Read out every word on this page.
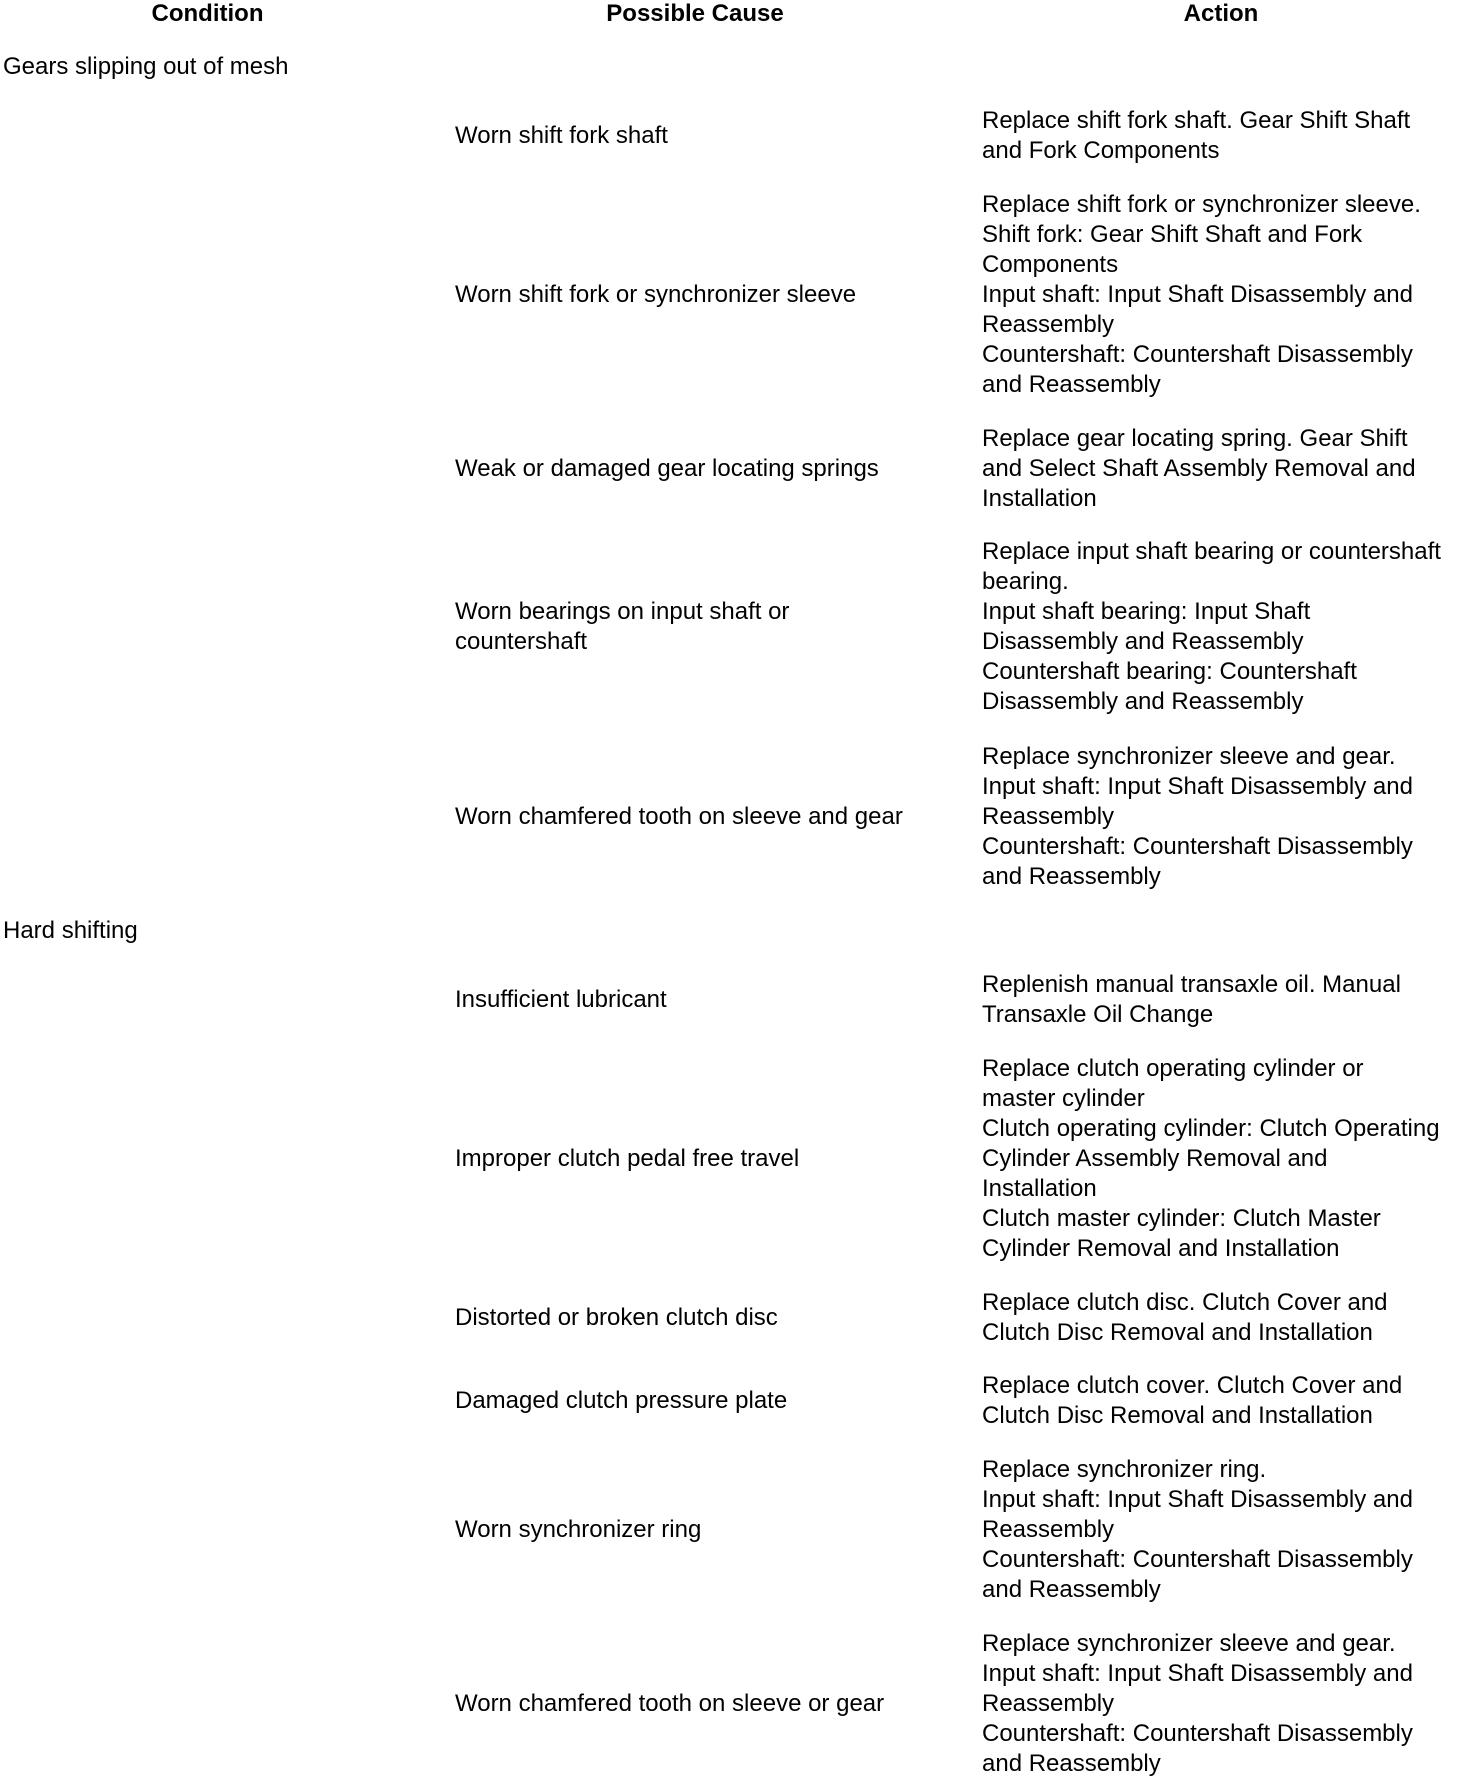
Condition	Possible Cause	Action
Gears slipping out of mesh
Worn shift fork shaft
Replace shift fork shaft. Gear Shift Shaft
and Fork Components
Worn shift fork or synchronizer sleeve
Replace shift fork or synchronizer sleeve.
Shift fork: Gear Shift Shaft and Fork
Components
Input shaft: Input Shaft Disassembly and
Reassembly
Countershaft: Countershaft Disassembly
and Reassembly
Weak or damaged gear locating springs
Replace gear locating spring. Gear Shift
and Select Shaft Assembly Removal and
Installation
Worn bearings on input shaft or
countershaft
Replace input shaft bearing or countershaft
bearing.
Input shaft bearing: Input Shaft
Disassembly and Reassembly
Countershaft bearing: Countershaft
Disassembly and Reassembly
Worn chamfered tooth on sleeve and gear
Replace synchronizer sleeve and gear.
Input shaft: Input Shaft Disassembly and
Reassembly
Countershaft: Countershaft Disassembly
and Reassembly
Hard shifting
Insufficient lubricant
Replenish manual transaxle oil. Manual
Transaxle Oil Change
Improper clutch pedal free travel
Replace clutch operating cylinder or
master cylinder
Clutch operating cylinder: Clutch Operating
Cylinder Assembly Removal and
Installation
Clutch master cylinder: Clutch Master
Cylinder Removal and Installation
Distorted or broken clutch disc
Replace clutch disc. Clutch Cover and
Clutch Disc Removal and Installation
Damaged clutch pressure plate
Replace clutch cover. Clutch Cover and
Clutch Disc Removal and Installation
Worn synchronizer ring
Replace synchronizer ring.
Input shaft: Input Shaft Disassembly and
Reassembly
Countershaft: Countershaft Disassembly
and Reassembly
Worn chamfered tooth on sleeve or gear
Replace synchronizer sleeve and gear.
Input shaft: Input Shaft Disassembly and
Reassembly
Countershaft: Countershaft Disassembly
and Reassembly
